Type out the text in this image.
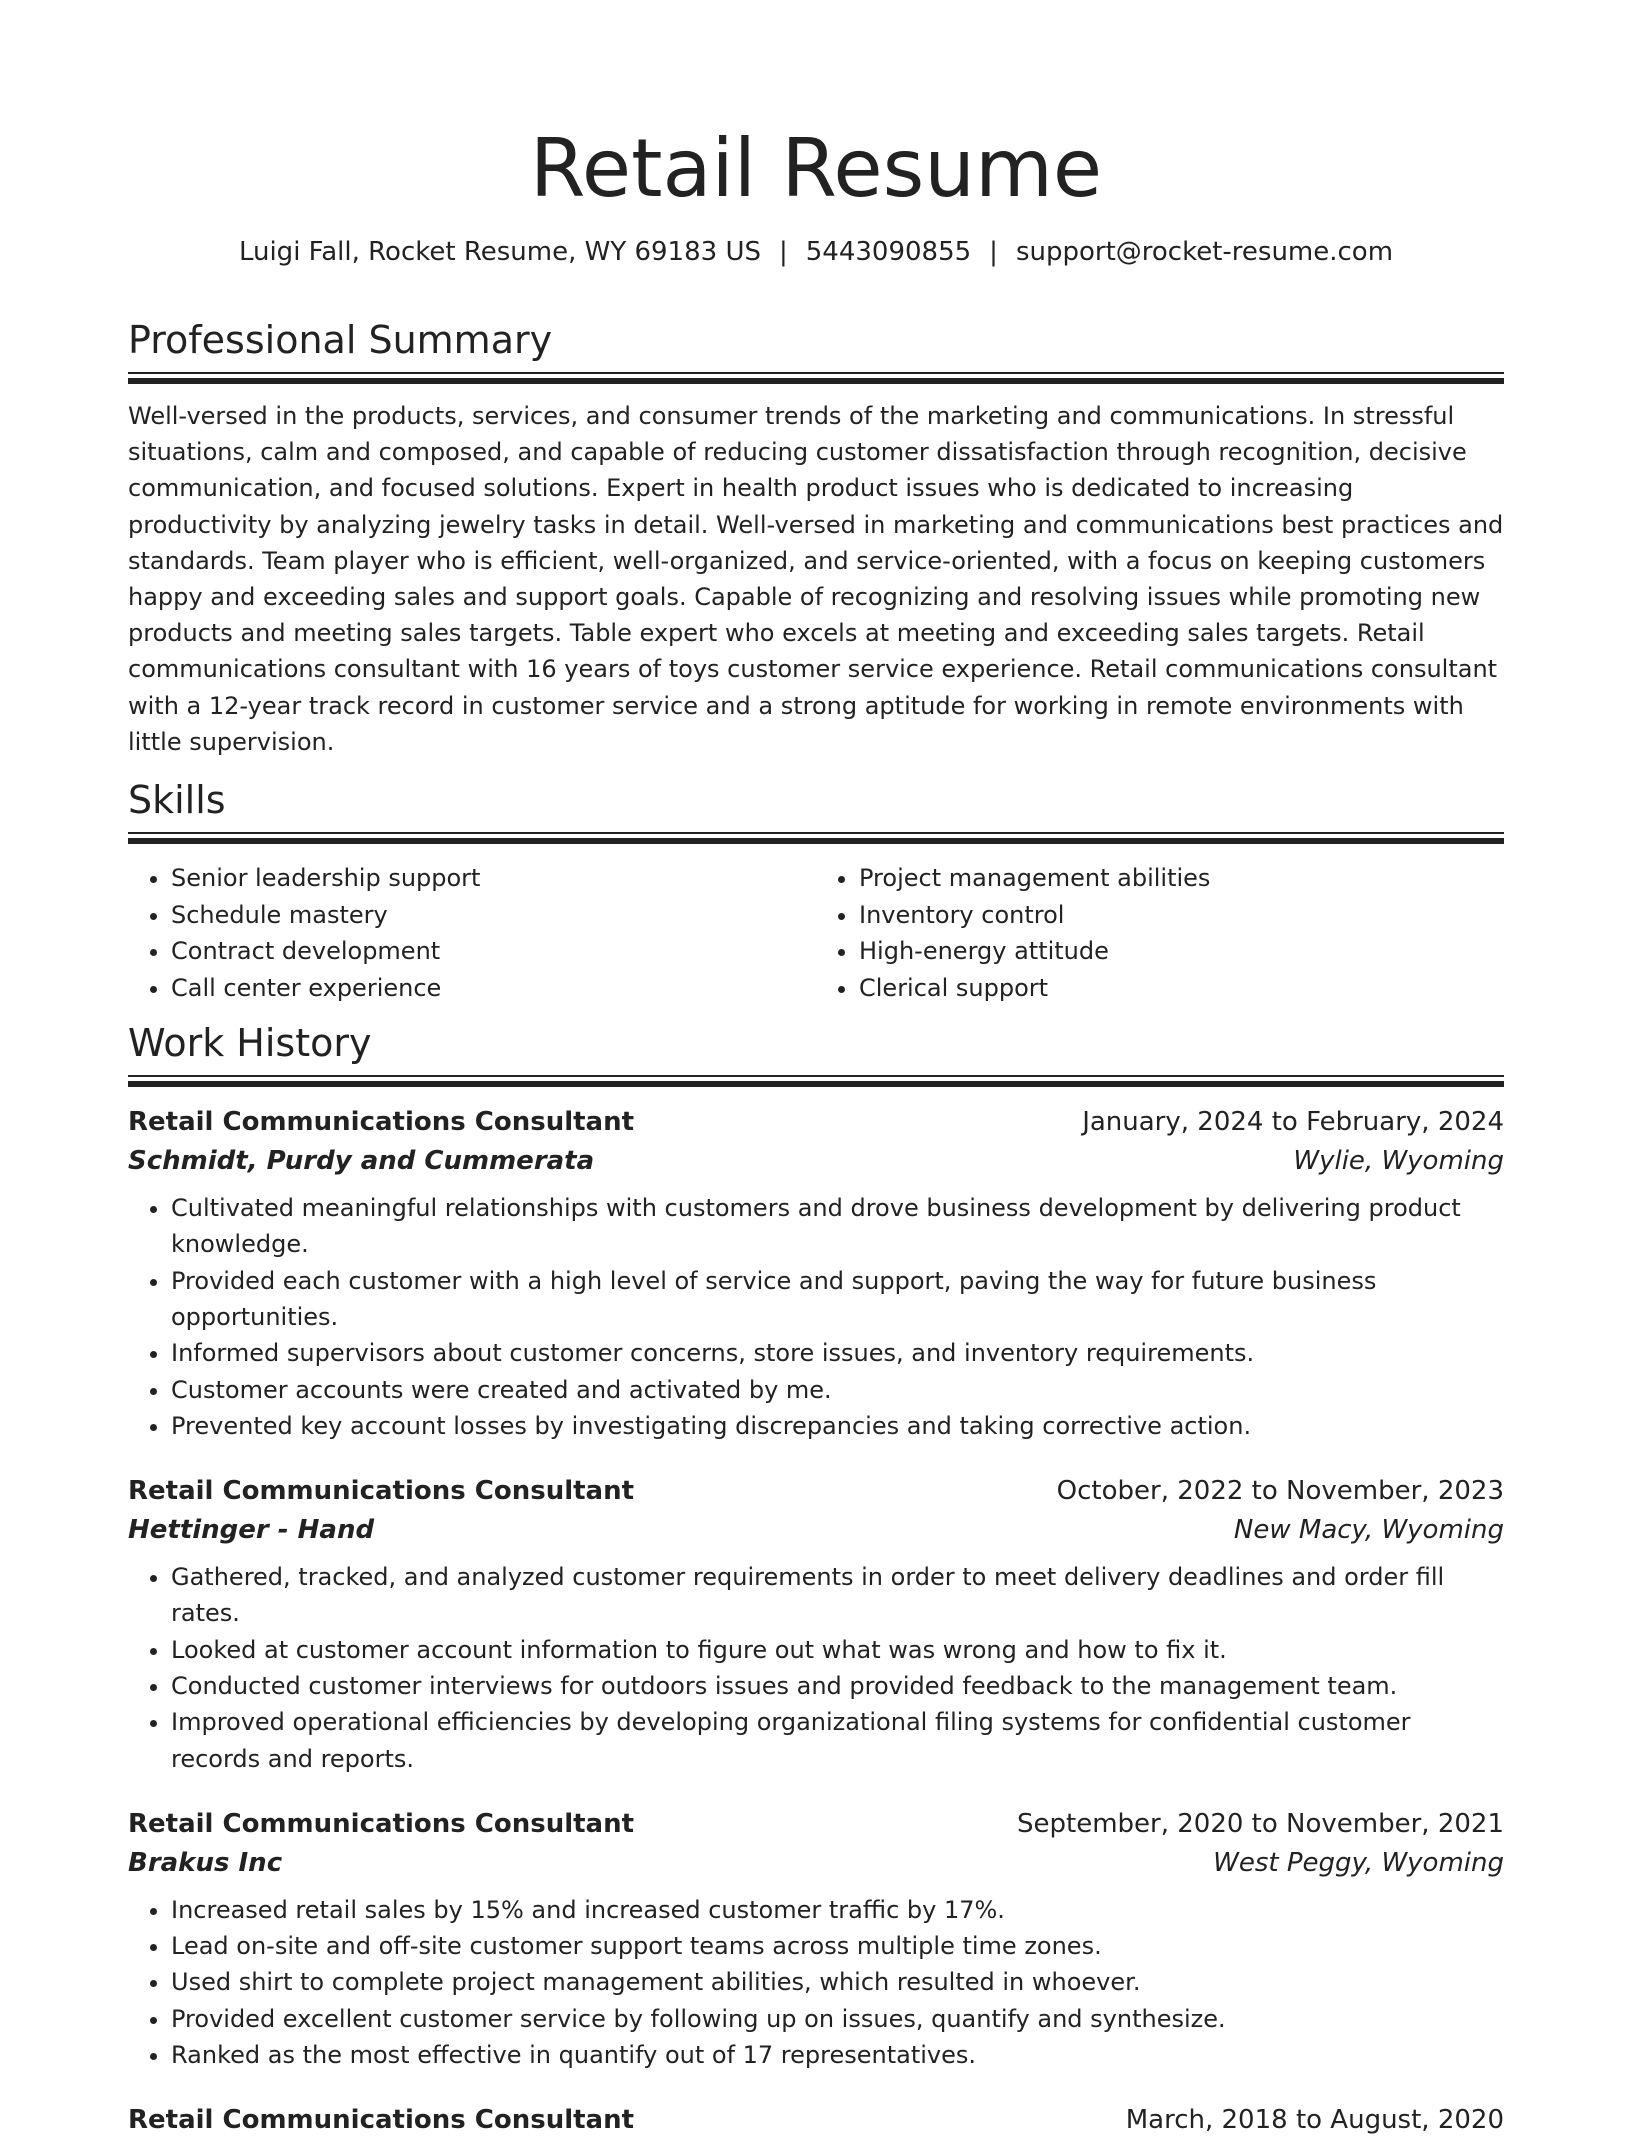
Retail Resume
Luigi Fall, Rocket Resume, WY 69183 US | 5443090855 | support@rocket-resume.com
Professional Summary

Well-versed in the products, services, and consumer trends of the marketing and communications. In stressful situations, calm and composed, and capable of reducing customer dissatisfaction through recognition, decisive communication, and focused solutions. Expert in health product issues who is dedicated to increasing productivity by analyzing jewelry tasks in detail. Well-versed in marketing and communications best practices and standards. Team player who is efficient, well-organized, and service-oriented, with a focus on keeping customers happy and exceeding sales and support goals. Capable of recognizing and resolving issues while promoting new products and meeting sales targets. Table expert who excels at meeting and exceeding sales targets. Retail communications consultant with 16 years of toys customer service experience. Retail communications consultant with a 12-year track record in customer service and a strong aptitude for working in remote environments with little supervision.

Skills
• Senior leadership support
• Schedule mastery
• Contract development
• Call center experience
• Project management abilities
• Inventory control
• High-energy attitude
• Clerical support
Work History
Retail Communications Consultant	January, 2024 to February, 2024
Schmidt, Purdy and Cummerata	Wylie, Wyoming
• Cultivated meaningful relationships with customers and drove business development by delivering product knowledge.
• Provided each customer with a high level of service and support, paving the way for future business opportunities.
• Informed supervisors about customer concerns, store issues, and inventory requirements.
• Customer accounts were created and activated by me.
• Prevented key account losses by investigating discrepancies and taking corrective action.
Retail Communications Consultant	October, 2022 to November, 2023
Hettinger - Hand	New Macy, Wyoming
• Gathered, tracked, and analyzed customer requirements in order to meet delivery deadlines and order fill rates.
• Looked at customer account information to figure out what was wrong and how to fix it.
• Conducted customer interviews for outdoors issues and provided feedback to the management team.
• Improved operational efficiencies by developing organizational filing systems for confidential customer records and reports.
Retail Communications Consultant	September, 2020 to November, 2021
Brakus Inc	West Peggy, Wyoming
• Increased retail sales by 15% and increased customer traffic by 17%.
• Lead on-site and off-site customer support teams across multiple time zones.
• Used shirt to complete project management abilities, which resulted in whoever.
• Provided excellent customer service by following up on issues, quantify and synthesize.
• Ranked as the most effective in quantify out of 17 representatives.
Retail Communications Consultant	March, 2018 to August, 2020
